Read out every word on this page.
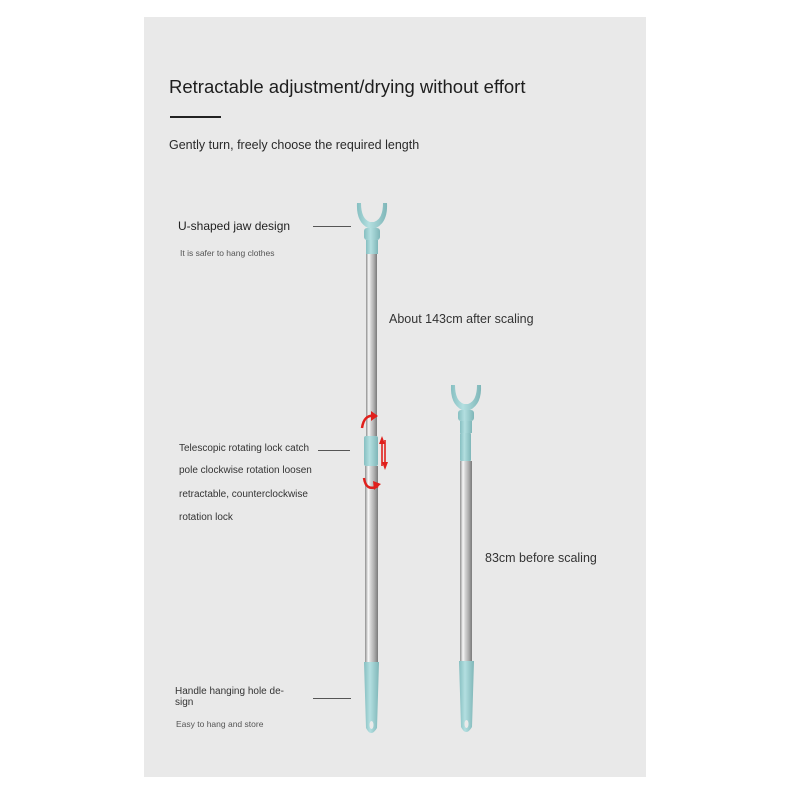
Retractable adjustment/drying without effort
Gently turn, freely choose the required length
U-shaped jaw design
It is safer to hang clothes
Telescopic rotating lock catch
pole clockwise rotation loosen
retractable, counterclockwise
rotation lock
Handle hanging hole de-
sign
Easy to hang and store
About 143cm after scaling
83cm before scaling
